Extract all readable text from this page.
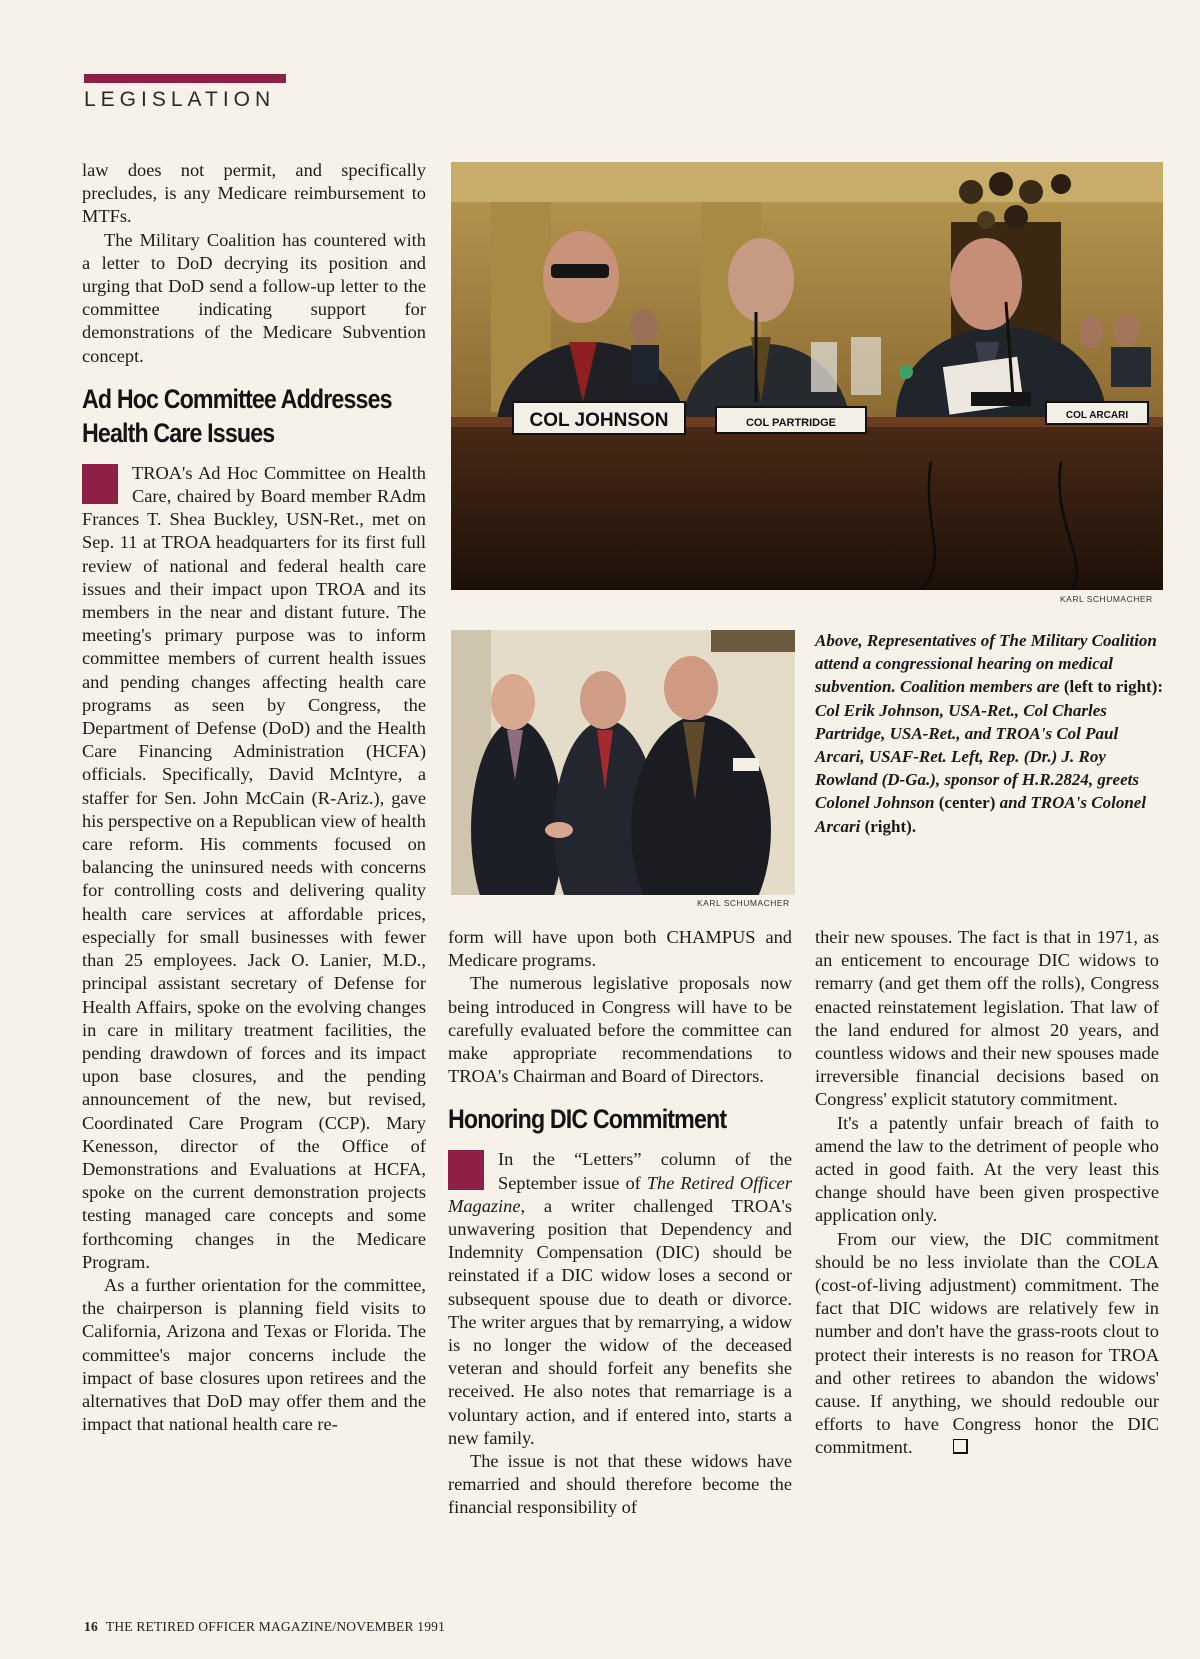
LEGISLATION

law does not permit, and specifically precludes, is any Medicare reimbursement to MTFs.

The Military Coalition has countered with a letter to DoD decrying its position and urging that DoD send a follow-up letter to the committee indicating support for demonstrations of the Medicare Subvention concept.

Ad Hoc Committee Addresses Health Care Issues

TROA's Ad Hoc Committee on Health Care, chaired by Board member RAdm Frances T. Shea Buckley, USN-Ret., met on Sep. 11 at TROA headquarters for its first full review of national and federal health care issues and their impact upon TROA and its members in the near and distant future. The meeting's primary purpose was to inform committee members of current health issues and pending changes affecting health care programs as seen by Congress, the Department of Defense (DoD) and the Health Care Financing Administration (HCFA) officials. Specifically, David McIntyre, a staffer for Sen. John McCain (R-Ariz.), gave his perspective on a Republican view of health care reform. His comments focused on balancing the uninsured needs with concerns for controlling costs and delivering quality health care services at affordable prices, especially for small businesses with fewer than 25 employees. Jack O. Lanier, M.D., principal assistant secretary of Defense for Health Affairs, spoke on the evolving changes in care in military treatment facilities, the pending drawdown of forces and its impact upon base closures, and the pending announcement of the new, but revised, Coordinated Care Program (CCP). Mary Kenesson, director of the Office of Demonstrations and Evaluations at HCFA, spoke on the current demonstration projects testing managed care concepts and some forthcoming changes in the Medicare Program.

As a further orientation for the committee, the chairperson is planning field visits to California, Arizona and Texas or Florida. The committee's major concerns include the impact of base closures upon retirees and the alternatives that DoD may offer them and the impact that national health care re-

COL JOHNSON	COL PARTRIDGE
COL ARCARI
KARL SCHUMACHER
KARL SCHUMACHER
Above, Representatives of The Military Coalition attend a congressional hearing on medical subvention. Coalition members are (left to right): Col Erik Johnson, USA-Ret., Col Charles Partridge, USA-Ret., and TROA's Col Paul Arcari, USAF-Ret. Left, Rep. (Dr.) J. Roy Rowland (D-Ga.), sponsor of H.R.2824, greets Colonel Johnson (center) and TROA's Colonel Arcari (right).

form will have upon both CHAMPUS and Medicare programs.

The numerous legislative proposals now being introduced in Congress will have to be carefully evaluated before the committee can make appropriate recommendations to TROA's Chairman and Board of Directors.

Honoring DIC Commitment

In the “Letters” column of the September issue of The Retired Officer Magazine, a writer challenged TROA's unwavering position that Dependency and Indemnity Compensation (DIC) should be reinstated if a DIC widow loses a second or subsequent spouse due to death or divorce. The writer argues that by remarrying, a widow is no longer the widow of the deceased veteran and should forfeit any benefits she received. He also notes that remarriage is a voluntary action, and if entered into, starts a new family.

The issue is not that these widows have remarried and should therefore become the financial responsibility of

their new spouses. The fact is that in 1971, as an enticement to encourage DIC widows to remarry (and get them off the rolls), Congress enacted reinstatement legislation. That law of the land endured for almost 20 years, and countless widows and their new spouses made irreversible financial decisions based on Congress' explicit statutory commitment.

It's a patently unfair breach of faith to amend the law to the detriment of people who acted in good faith. At the very least this change should have been given prospective application only.

From our view, the DIC commitment should be no less inviolate than the COLA (cost-of-living adjustment) commitment. The fact that DIC widows are relatively few in number and don't have the grass-roots clout to protect their interests is no reason for TROA and other retirees to abandon the widows' cause. If anything, we should redouble our efforts to have Congress honor the DIC commitment.

16 THE RETIRED OFFICER MAGAZINE/NOVEMBER 1991
